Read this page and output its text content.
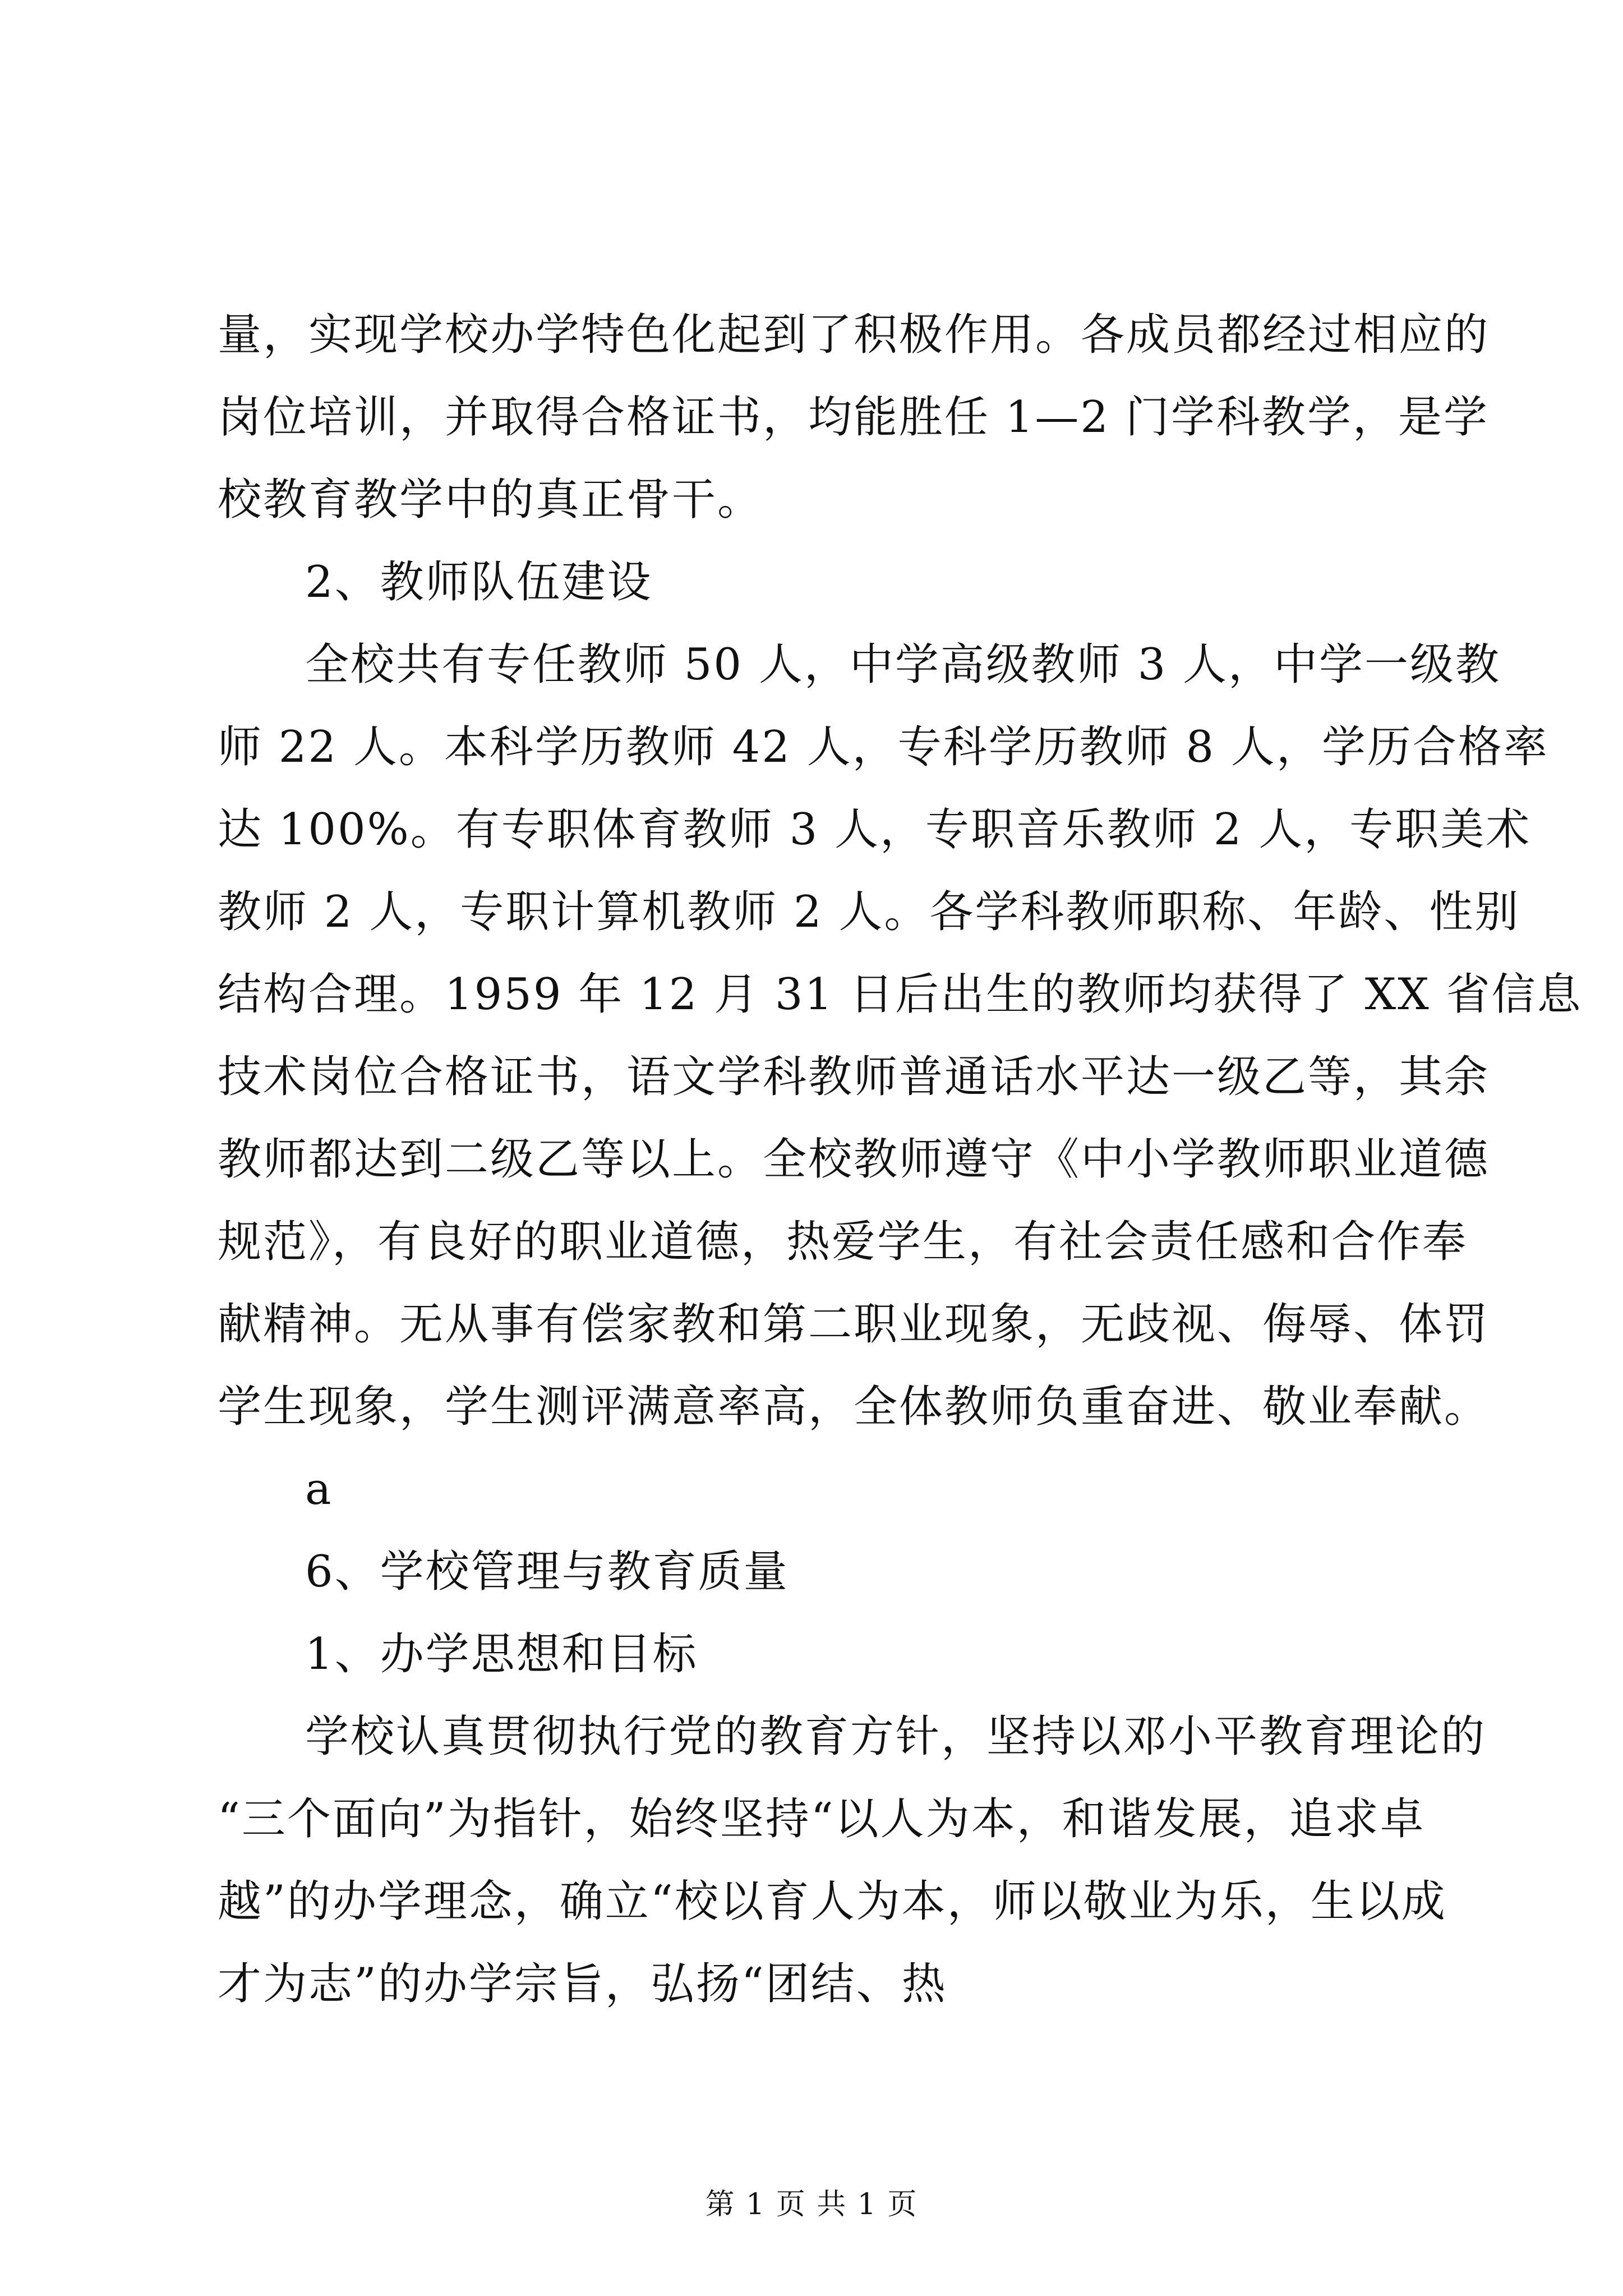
量，实现学校办学特色化起到了积极作用。各成员都经过相应的
岗位培训，并取得合格证书，均能胜任 1—2 门学科教学，是学
校教育教学中的真正骨干。
2、教师队伍建设
全校共有专任教师 50 人，中学高级教师 3 人，中学一级教
师 22 人。本科学历教师 42 人，专科学历教师 8 人，学历合格率
达 100%。有专职体育教师 3 人，专职音乐教师 2 人，专职美术
教师 2 人，专职计算机教师 2 人。各学科教师职称、年龄、性别
结构合理。1959 年 12 月 31 日后出生的教师均获得了 XX 省信息
技术岗位合格证书，语文学科教师普通话水平达一级乙等，其余
教师都达到二级乙等以上。全校教师遵守《中小学教师职业道德
规范》，有良好的职业道德，热爱学生，有社会责任感和合作奉
献精神。无从事有偿家教和第二职业现象，无歧视、侮辱、体罚
学生现象，学生测评满意率高，全体教师负重奋进、敬业奉献。
a
6、学校管理与教育质量
1、办学思想和目标
学校认真贯彻执行党的教育方针，坚持以邓小平教育理论的
“三个面向”为指针，始终坚持“以人为本，和谐发展，追求卓
越”的办学理念，确立“校以育人为本，师以敬业为乐，生以成
才为志”的办学宗旨，弘扬“团结、热
第 1 页 共 1 页
